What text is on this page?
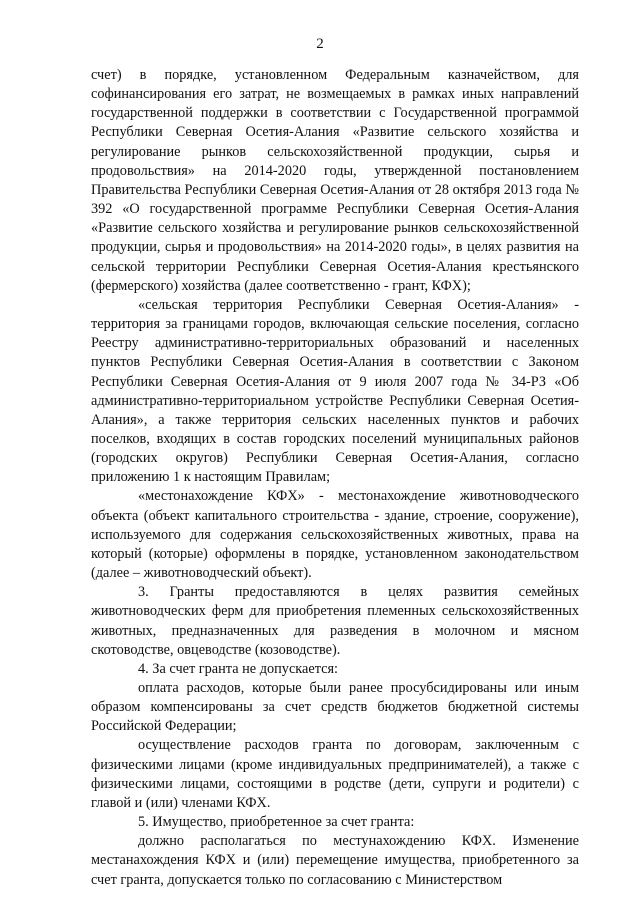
2

счет) в порядке, установленном Федеральным казначейством, для софинансирования его затрат, не возмещаемых в рамках иных направлений государственной поддержки в соответствии с Государственной программой Республики Северная Осетия-Алания «Развитие сельского хозяйства и регулирование рынков сельскохозяйственной продукции, сырья и продовольствия» на 2014-2020 годы, утвержденной постановлением Правительства Республики Северная Осетия-Алания от 28 октября 2013 года № 392 «О государственной программе Республики Северная Осетия-Алания «Развитие сельского хозяйства и регулирование рынков сельскохозяйственной продукции, сырья и продовольствия» на 2014-2020 годы», в целях развития на сельской территории Республики Северная Осетия-Алания крестьянского (фермерского) хозяйства (далее соответственно - грант, КФХ);

«сельская территория Республики Северная Осетия-Алания» - территория за границами городов, включающая сельские поселения, согласно Реестру административно-территориальных образований и населенных пунктов Республики Северная Осетия-Алания в соответствии с Законом Республики Северная Осетия-Алания от 9 июля 2007 года № 34-РЗ «Об административно-территориальном устройстве Республики Северная Осетия-Алания», а также территория сельских населенных пунктов и рабочих поселков, входящих в состав городских поселений муниципальных районов (городских округов) Республики Северная Осетия-Алания, согласно приложению 1 к настоящим Правилам;

«местонахождение КФХ» - местонахождение животноводческого объекта (объект капитального строительства - здание, строение, сооружение), используемого для содержания сельскохозяйственных животных, права на который (которые) оформлены в порядке, установленном законодательством (далее – животноводческий объект).

3. Гранты предоставляются в целях развития семейных животноводческих ферм для приобретения племенных сельскохозяйственных животных, предназначенных для разведения в молочном и мясном скотоводстве, овцеводстве (козоводстве).

4. За счет гранта не допускается:

оплата расходов, которые были ранее просубсидированы или иным образом компенсированы за счет средств бюджетов бюджетной системы Российской Федерации;

осуществление расходов гранта по договорам, заключенным с физическими лицами (кроме индивидуальных предпринимателей), а также с физическими лицами, состоящими в родстве (дети, супруги и родители) с главой и (или) членами КФХ.

5. Имущество, приобретенное за счет гранта:

должно располагаться по местунахождению КФХ. Изменение местанахождения КФХ и (или) перемещение имущества, приобретенного за счет гранта, допускается только по согласованию с Министерством
